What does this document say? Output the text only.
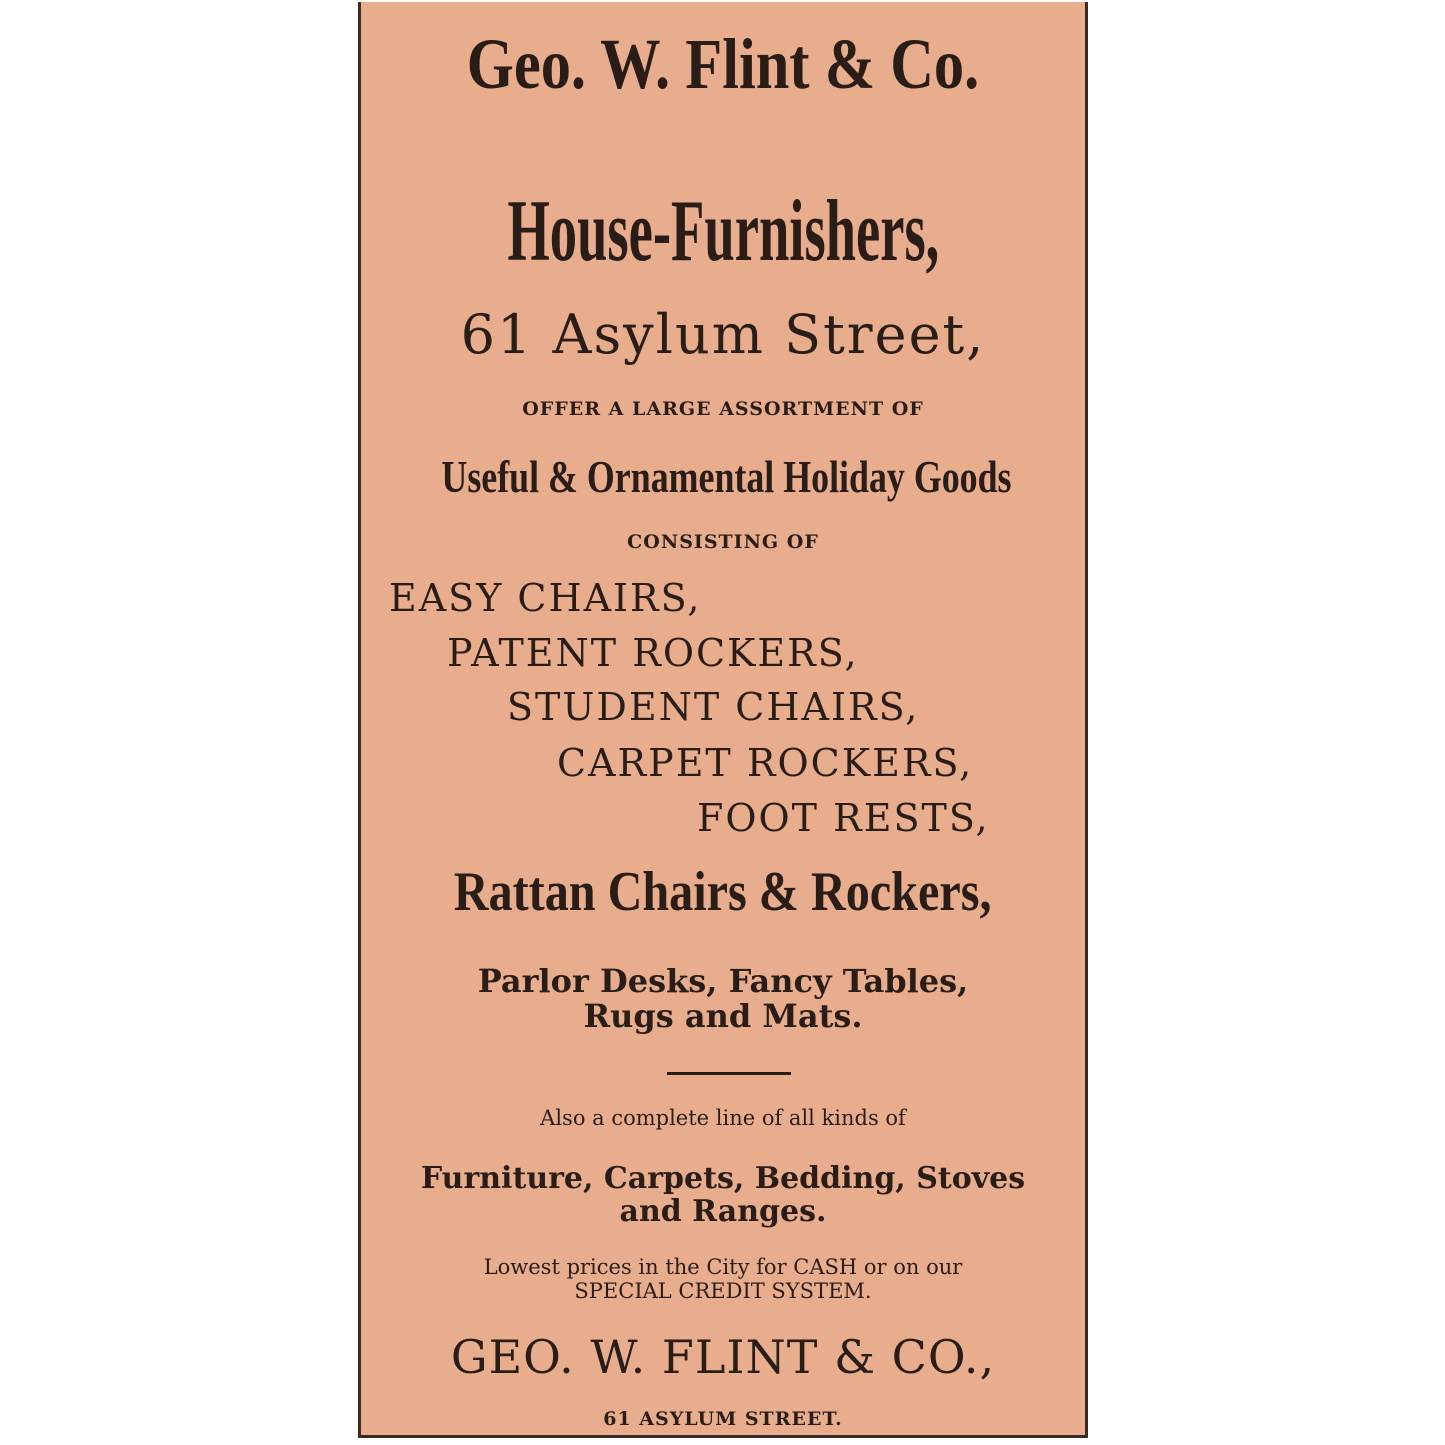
Geo. W. Flint & Co.
House-Furnishers,
61 Asylum Street,
OFFER A LARGE ASSORTMENT OF
Useful & Ornamental Holiday Goods
CONSISTING OF
EASY CHAIRS,
PATENT ROCKERS,
STUDENT CHAIRS,
CARPET ROCKERS,
FOOT RESTS,
Rattan Chairs & Rockers,
Parlor Desks, Fancy Tables,
Rugs and Mats.
Also a complete line of all kinds of
Furniture, Carpets, Bedding, Stoves
and Ranges.
Lowest prices in the City for CASH or on our
SPECIAL CREDIT SYSTEM.
GEO. W. FLINT & CO.,
61 ASYLUM STREET.
